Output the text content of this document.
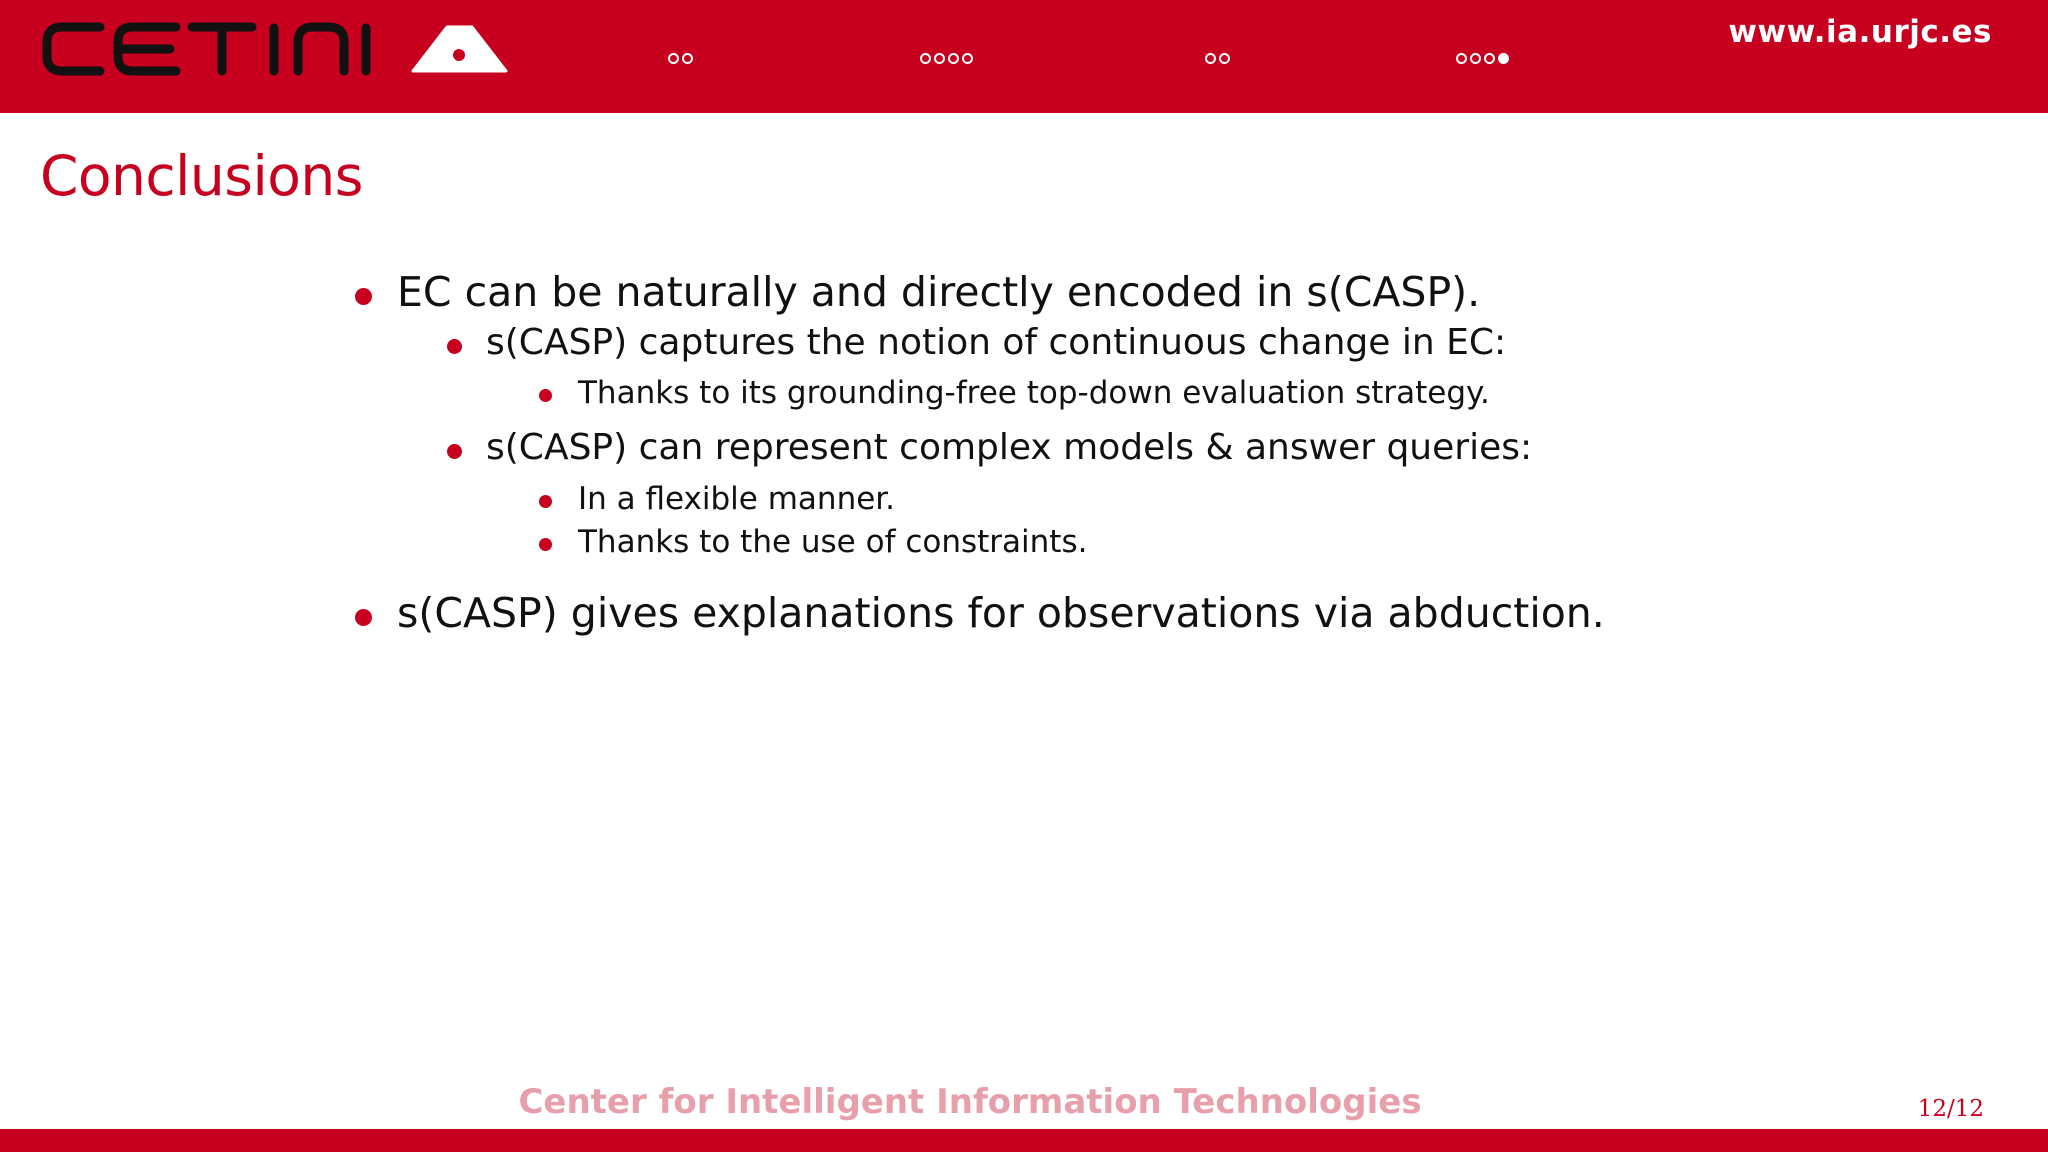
www.ia.urjc.es
Conclusions
EC can be naturally and directly encoded in s(CASP).
s(CASP) captures the notion of continuous change in EC:
Thanks to its grounding-free top-down evaluation strategy.
s(CASP) can represent complex models & answer queries:
In a flexible manner.
Thanks to the use of constraints.
s(CASP) gives explanations for observations via abduction.
Center for Intelligent Information Technologies	12/12
